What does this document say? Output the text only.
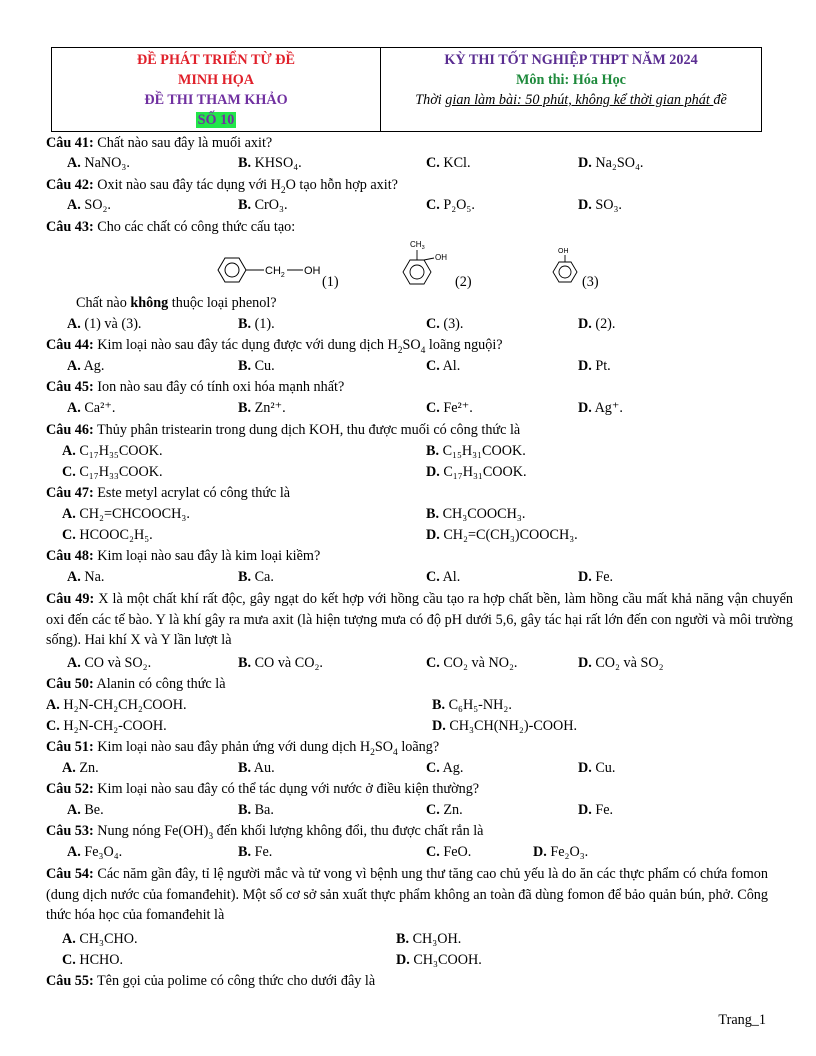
ĐỀ PHÁT TRIỂN TỪ ĐỀ
MINH HỌA
ĐỀ THI THAM KHẢO
SỐ 10
KỲ THI TỐT NGHIỆP THPT NĂM 2024
Môn thi: Hóa Học
Thời gian làm bài: 50 phút, không kể thời gian phát đề
Câu 41: Chất nào sau đây là muối axit?
A. NaNO₃.	B. KHSO₄.	C. KCl.	D. Na₂SO₄.
Câu 42: Oxit nào sau đây tác dụng với $H_2O$ tạo hỗn hợp axit?
A. SO₂.	B. CrO₃.	C. P₂O₅.	D. SO₃.
Câu 43: Cho các chất có công thức cấu tạo:
$CH_2$ OH
(1)
$CH_3$
OH
(2)
OH
(3)
Chất nào không thuộc loại phenol?
A. (1) và (3).	B. (1).	C. (3).	D. (2).
Câu 44: Kim loại nào sau đây tác dụng được với dung dịch $H_2SO_4$ loãng nguội?
A. Ag.	B. Cu.	C. Al.	D. Pt.
Câu 45: Ion nào sau đây có tính oxi hóa mạnh nhất?
A. Ca²⁺.	B. Zn²⁺.	C. Fe²⁺.	D. Ag⁺.
Câu 46: Thủy phân tristearin trong dung dịch KOH, thu được muối có công thức là
A. C₁₇H₃₅COOK.	B. C₁₅H₃₁COOK.
C. C₁₇H₃₃COOK.	D. C₁₇H₃₁COOK.
Câu 47: Este metyl acrylat có công thức là
A. CH₂=CHCOOCH₃.	B. CH₃COOCH₃.
C. HCOOC₂H₅.	D. CH₂=C(CH₃)COOCH₃.
Câu 48: Kim loại nào sau đây là kim loại kiềm?
A. Na.	B. Ca.	C. Al.	D. Fe.
Câu 49: X là một chất khí rất độc, gây ngạt do kết hợp với hồng cầu tạo ra hợp chất bền, làm hồng cầu mất khả năng vận chuyển oxi đến các tế bào. Y là khí gây ra mưa axit (là hiện tượng mưa có độ pH dưới 5,6, gây tác hại rất lớn đến con người và môi trường sống). Hai khí X và Y lần lượt là
A. CO và SO₂.	B. CO và CO₂.	C. CO₂ và NO₂.	D. CO₂ và SO₂
Câu 50: Alanin có công thức là
A. H₂N-CH₂CH₂COOH.	B. C₆H₅-NH₂.
C. H₂N-CH₂-COOH.	D. CH₃CH(NH₂)-COOH.
Câu 51: Kim loại nào sau đây phản ứng với dung dịch $H_2SO_4$ loãng?
A. Zn.	B. Au.	C. Ag.	D. Cu.
Câu 52: Kim loại nào sau đây có thể tác dụng với nước ở điều kiện thường?
A. Be.	B. Ba.	C. Zn.	D. Fe.
Câu 53: Nung nóng $Fe(OH)_3$ đến khối lượng không đổi, thu được chất rắn là
A. Fe₃O₄.	B. Fe.	C. FeO.	D. Fe₂O₃.
Câu 54: Các năm gần đây, tỉ lệ người mắc và tử vong vì bệnh ung thư tăng cao chủ yếu là do ăn các thực phẩm có chứa fomon (dung dịch nước của fomanđehit). Một số cơ sở sản xuất thực phẩm không an toàn đã dùng fomon để bảo quản bún, phở. Công thức hóa học của fomanđehit là
A. CH₃CHO.	B. CH₃OH.
C. HCHO.	D. CH₃COOH.
Câu 55: Tên gọi của polime có công thức cho dưới đây là
Trang_1
